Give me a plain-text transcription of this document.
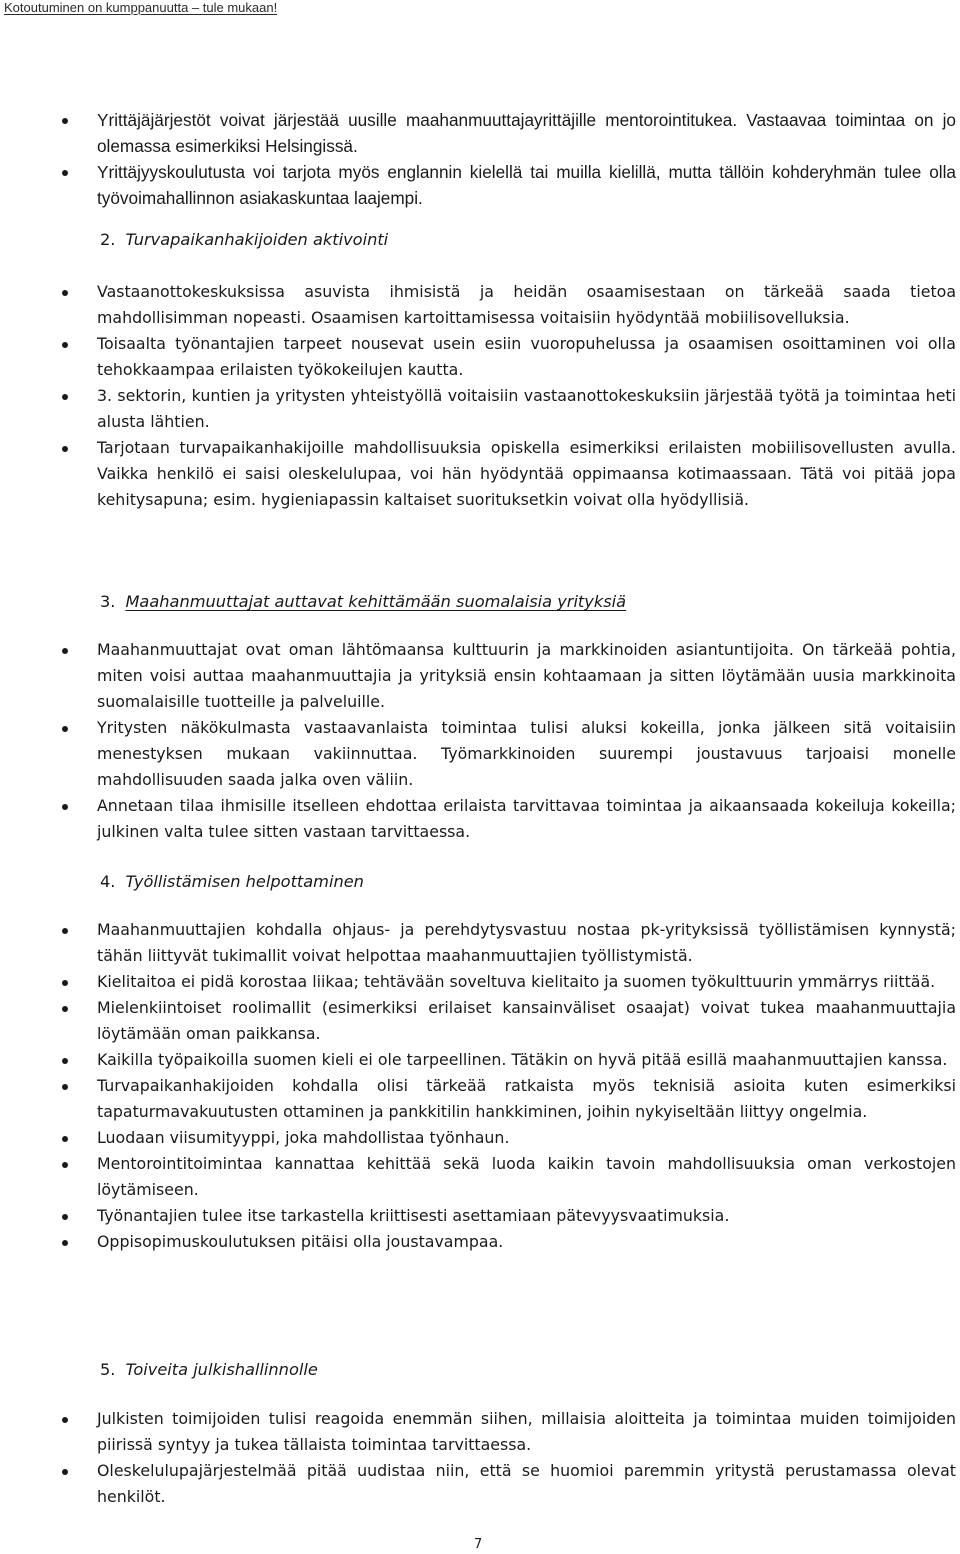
Kotoutuminen on kumppanuutta – tule mukaan!
Yrittäjäjärjestöt voivat järjestää uusille maahanmuuttajayrittäjille mentorointitukea. Vastaavaa toimintaa on jo olemassa esimerkiksi Helsingissä.
Yrittäjyyskoulutusta voi tarjota myös englannin kielellä tai muilla kielillä, mutta tällöin kohderyhmän tulee olla työvoimahallinnon asiakaskuntaa laajempi.
2. Turvapaikanhakijoiden aktivointi
Vastaanottokeskuksissa asuvista ihmisistä ja heidän osaamisestaan on tärkeää saada tietoa mahdollisimman nopeasti. Osaamisen kartoittamisessa voitaisiin hyödyntää mobiilisovelluksia.
Toisaalta työnantajien tarpeet nousevat usein esiin vuoropuhelussa ja osaamisen osoittaminen voi olla tehokkaampaa erilaisten työkokeilujen kautta.
3. sektorin, kuntien ja yritysten yhteistyöllä voitaisiin vastaanottokeskuksiin järjestää työtä ja toimintaa heti alusta lähtien.
Tarjotaan turvapaikanhakijoille mahdollisuuksia opiskella esimerkiksi erilaisten mobiilisovellusten avulla. Vaikka henkilö ei saisi oleskelulupaa, voi hän hyödyntää oppimaansa kotimaassaan. Tätä voi pitää jopa kehitysapuna; esim. hygieniapassin kaltaiset suorituksetkin voivat olla hyödyllisiä.
3. Maahanmuuttajat auttavat kehittämään suomalaisia yrityksiä
Maahanmuuttajat ovat oman lähtömaansa kulttuurin ja markkinoiden asiantuntijoita. On tärkeää pohtia, miten voisi auttaa maahanmuuttajia ja yrityksiä ensin kohtaamaan ja sitten löytämään uusia markkinoita suomalaisille tuotteille ja palveluille.
Yritysten näkökulmasta vastaavanlaista toimintaa tulisi aluksi kokeilla, jonka jälkeen sitä voitaisiin menestyksen mukaan vakiinnuttaa. Työmarkkinoiden suurempi joustavuus tarjoaisi monelle mahdollisuuden saada jalka oven väliin.
Annetaan tilaa ihmisille itselleen ehdottaa erilaista tarvittavaa toimintaa ja aikaansaada kokeiluja kokeilla; julkinen valta tulee sitten vastaan tarvittaessa.
4. Työllistämisen helpottaminen
Maahanmuuttajien kohdalla ohjaus- ja perehdytysvastuu nostaa pk-yrityksissä työllistämisen kynnystä; tähän liittyvät tukimallit voivat helpottaa maahanmuuttajien työllistymistä.
Kielitaitoa ei pidä korostaa liikaa; tehtävään soveltuva kielitaito ja suomen työkulttuurin ymmärrys riittää.
Mielenkiintoiset roolimallit (esimerkiksi erilaiset kansainväliset osaajat) voivat tukea maahanmuuttajia löytämään oman paikkansa.
Kaikilla työpaikoilla suomen kieli ei ole tarpeellinen. Tätäkin on hyvä pitää esillä maahanmuuttajien kanssa.
Turvapaikanhakijoiden kohdalla olisi tärkeää ratkaista myös teknisiä asioita kuten esimerkiksi tapaturmavakuutusten ottaminen ja pankkitilin hankkiminen, joihin nykyiseltään liittyy ongelmia.
Luodaan viisumityyppi, joka mahdollistaa työnhaun.
Mentorointitoimintaa kannattaa kehittää sekä luoda kaikin tavoin mahdollisuuksia oman verkostojen löytämiseen.
Työnantajien tulee itse tarkastella kriittisesti asettamiaan pätevyysvaatimuksia.
Oppisopimuskoulutuksen pitäisi olla joustavampaa.
5. Toiveita julkishallinnolle
Julkisten toimijoiden tulisi reagoida enemmän siihen, millaisia aloitteita ja toimintaa muiden toimijoiden piirissä syntyy ja tukea tällaista toimintaa tarvittaessa.
Oleskelulupajärjestelmää pitää uudistaa niin, että se huomioi paremmin yritystä perustamassa olevat henkilöt.
7
